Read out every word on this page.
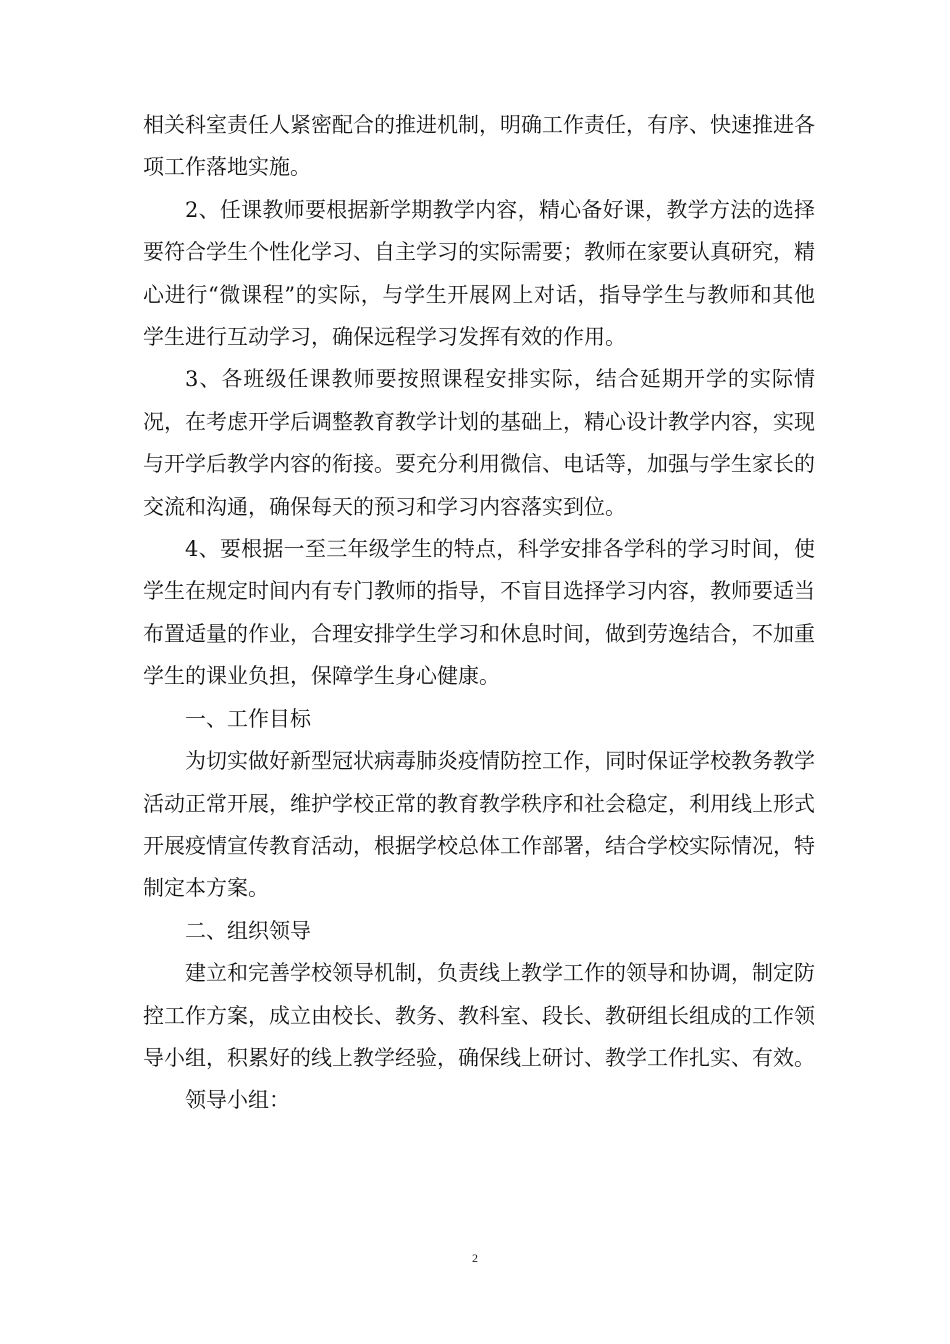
相关科室责任人紧密配合的推进机制，明确工作责任，有序、快速推进各项工作落地实施。

2、任课教师要根据新学期教学内容，精心备好课，教学方法的选择要符合学生个性化学习、自主学习的实际需要；教师在家要认真研究，精心进行“微课程”的实际，与学生开展网上对话，指导学生与教师和其他学生进行互动学习，确保远程学习发挥有效的作用。

3、各班级任课教师要按照课程安排实际，结合延期开学的实际情况，在考虑开学后调整教育教学计划的基础上，精心设计教学内容，实现与开学后教学内容的衔接。要充分利用微信、电话等，加强与学生家长的交流和沟通，确保每天的预习和学习内容落实到位。

4、要根据一至三年级学生的特点，科学安排各学科的学习时间，使学生在规定时间内有专门教师的指导，不盲目选择学习内容，教师要适当布置适量的作业，合理安排学生学习和休息时间，做到劳逸结合，不加重学生的课业负担，保障学生身心健康。

一、工作目标

为切实做好新型冠状病毒肺炎疫情防控工作，同时保证学校教务教学活动正常开展，维护学校正常的教育教学秩序和社会稳定，利用线上形式开展疫情宣传教育活动，根据学校总体工作部署，结合学校实际情况，特制定本方案。

二、组织领导

建立和完善学校领导机制，负责线上教学工作的领导和协调，制定防控工作方案，成立由校长、教务、教科室、段长、教研组长组成的工作领导小组，积累好的线上教学经验，确保线上研讨、教学工作扎实、有效。

领导小组：

2
